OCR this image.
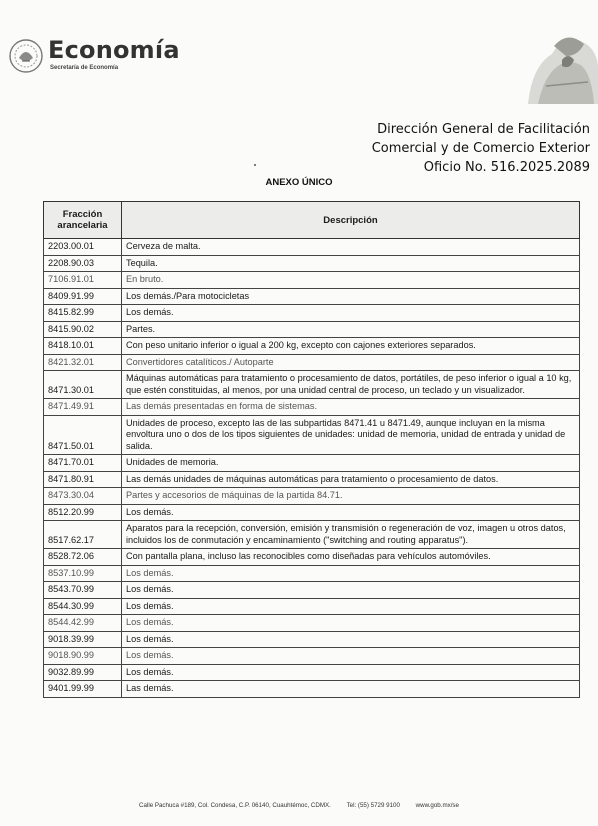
Economía
Secretaría de Economía
Dirección General de Facilitación
Comercial y de Comercio Exterior
Oficio No. 516.2025.2089
ANEXO ÚNICO
Fracción
arancelaria	Descripción
2203.00.01	Cerveza de malta.
2208.90.03	Tequila.
7106.91.01	En bruto.
8409.91.99	Los demás./Para motocicletas
8415.82.99	Los demás.
8415.90.02	Partes.
8418.10.01	Con peso unitario inferior o igual a 200 kg, excepto con cajones exteriores separados.
8421.32.01	Convertidores catalíticos./ Autoparte
8471.30.01	Máquinas automáticas para tratamiento o procesamiento de datos, portátiles, de peso inferior o igual a 10 kg, que estén constituidas, al menos, por una unidad central de proceso, un teclado y un visualizador.
8471.49.91	Las demás presentadas en forma de sistemas.
8471.50.01	Unidades de proceso, excepto las de las subpartidas 8471.41 u 8471.49, aunque incluyan en la misma envoltura uno o dos de los tipos siguientes de unidades: unidad de memoria, unidad de entrada y unidad de salida.
8471.70.01	Unidades de memoria.
8471.80.91	Las demás unidades de máquinas automáticas para tratamiento o procesamiento de datos.
8473.30.04	Partes y accesorios de máquinas de la partida 84.71.
8512.20.99	Los demás.
8517.62.17	Aparatos para la recepción, conversión, emisión y transmisión o regeneración de voz, imagen u otros datos, incluidos los de conmutación y encaminamiento ("switching and routing apparatus").
8528.72.06	Con pantalla plana, incluso las reconocibles como diseñadas para vehículos automóviles.
8537.10.99	Los demás.
8543.70.99	Los demás.
8544.30.99	Los demás.
8544.42.99	Los demás.
9018.39.99	Los demás.
9018.90.99	Los demás.
9032.89.99	Los demás.
9401.99.99	Las demás.
Calle Pachuca #189, Col. Condesa, C.P. 06140, Cuauhtémoc, CDMX.	Tel: (55) 5729 9100	www.gob.mx/se
